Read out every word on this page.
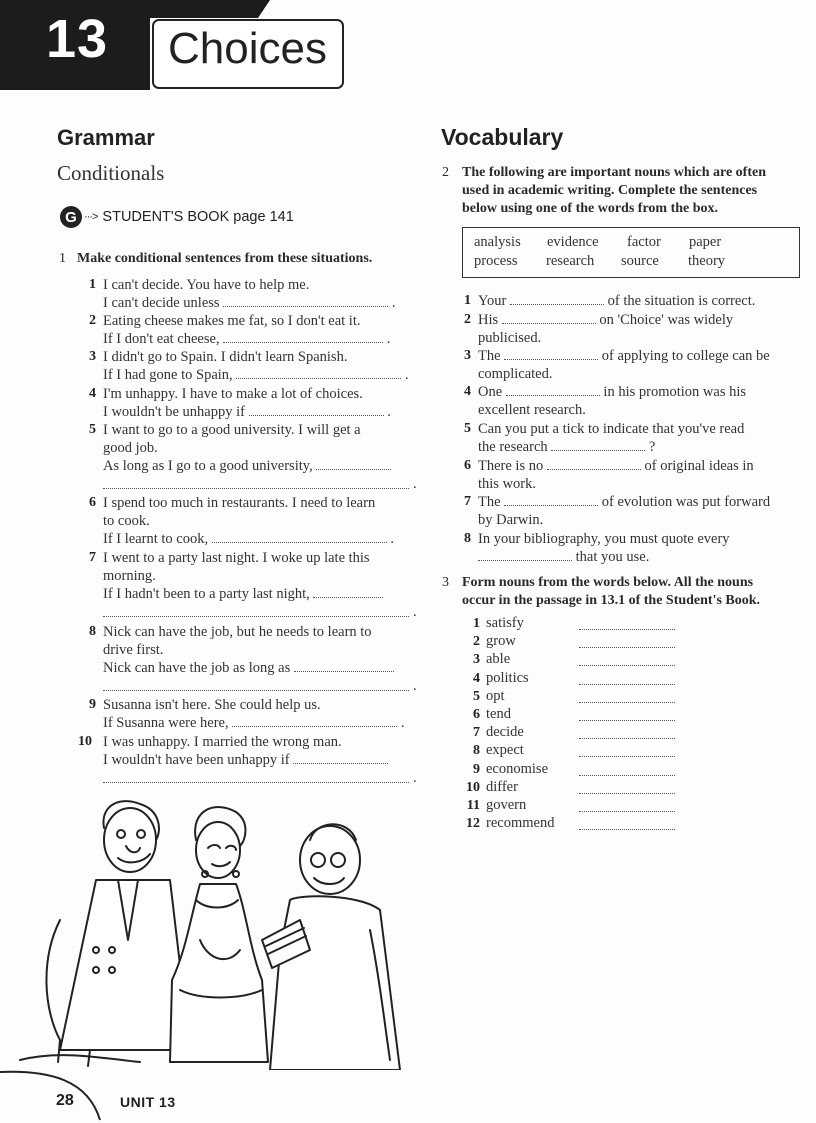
13 Choices
Grammar
Conditionals
G ···> STUDENT'S BOOK page 141
1 Make conditional sentences from these situations.
1 I can't decide. You have to help me.
I can't decide unless	.
2 Eating cheese makes me fat, so I don't eat it.
If I don't eat cheese,	.
3 I didn't go to Spain. I didn't learn Spanish.
If I had gone to Spain,	.
4 I'm unhappy. I have to make a lot of choices.
I wouldn't be unhappy if	.
5 I want to go to a good university. I will get a
good job.
As long as I go to a good university,
.
6 I spend too much in restaurants. I need to learn
to cook.
If I learnt to cook,	.
7 I went to a party last night. I woke up late this
morning.
If I hadn't been to a party last night,
.
8 Nick can have the job, but he needs to learn to
drive first.
Nick can have the job as long as
.
9 Susanna isn't here. She could help us.
If Susanna were here,	.
10 I was unhappy. I married the wrong man.
I wouldn't have been unhappy if
.
Vocabulary
2 The following are important nouns which are often
used in academic writing. Complete the sentences
below using one of the words from the box.
analysis evidence factor paper
process research source theory
1 Your	of the situation is correct.
2 His	on 'Choice' was widely
publicised.
3 The	of applying to college can be
complicated.
4 One	in his promotion was his
excellent research.
5 Can you put a tick to indicate that you've read
the research	?
6 There is no	of original ideas in
this work.
7 The	of evolution was put forward
by Darwin.
8 In your bibliography, you must quote every
that you use.
3 Form nouns from the words below. All the nouns
occur in the passage in 13.1 of the Student's Book.
1 satisfy
2 grow
3 able
4 politics
5 opt
6 tend
7 decide
8 expect
9 economise
10 differ
11 govern
12 recommend
28	UNIT 13
